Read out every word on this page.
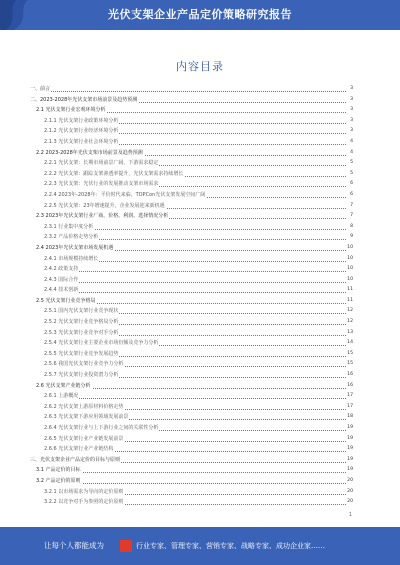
光伏支架企业产品定价策略研究报告
内容目录
一、前言	3
二、2023-2028年光伏支架市场前景及趋势预测	3
2.1 光伏支架行业宏观环境分析	3
2.1.1 光伏支架行业政策环境分析	3
2.1.2 光伏支架行业经济环境分析	3
2.1.3 光伏支架行业社会环境分析	4
2.2 2023-2028年光伏支架市场前景及趋势预测	4
2.2.1 光伏支架：长期市场前景广阔，下游需求稳定	5
2.2.2 光伏支架：跟踪支架渗透率提升，光伏支架需求持续增长	5
2.2.3 光伏支架：光伏行业的发展推动支架市场需求	6
2.2.4 2023年-2028年：平价时代来临，TOPCon光伏支架发展空间广阔	6
2.2.5 光伏支架：23年增速提升，企业发展迎来新机遇	7
2.3 2023年光伏支架行业厂商、价格、利润、选择情况分析	7
2.3.1 行业集中度分析	8
2.3.2 产品价格走势分析	9
2.4 2023年光伏支架市场发展机遇	10
2.4.1 市场规模持续增长	10
2.4.2 政策支持	10
2.4.3 国际合作	10
2.4.4 技术创新	11
2.5 光伏支架行业竞争格局	11
2.5.1 国内光伏支架行业竞争现状	12
2.5.2 光伏支架行业竞争格局分析	12
2.5.3 光伏支架行业竞争对手分析	13
2.5.4 光伏支架行业主要企业市场份额及竞争力分析	14
2.5.5 光伏支架行业竞争发展趋势	15
2.5.6 我国光伏支架行业竞争力分析	15
2.5.7 光伏支架行业投资潜力分析	16
2.6 光伏支架产业链分析	16
2.6.1 上游概况	17
2.6.2 光伏支架上游原材料价格走势	17
2.6.3 光伏支架下游应用领域发展前景	18
2.6.4 光伏支架行业与上下游行业之间的关联性分析	19
2.6.5 光伏支架行业产业链发展前景	19
2.6.6 光伏支架行业产业链结构	19
三、光伏支架企业产品定价的目标与原则	19
3.1 产品定价的目标	19
3.2 产品定价的原则	20
3.2.1 以市场需求为导向的定价原则	20
3.2.2 以竞争对手为参照的定价原则	20
1
让每个人都能成为	行业专家、管理专家、营销专家、战略专家、成功企业家……
